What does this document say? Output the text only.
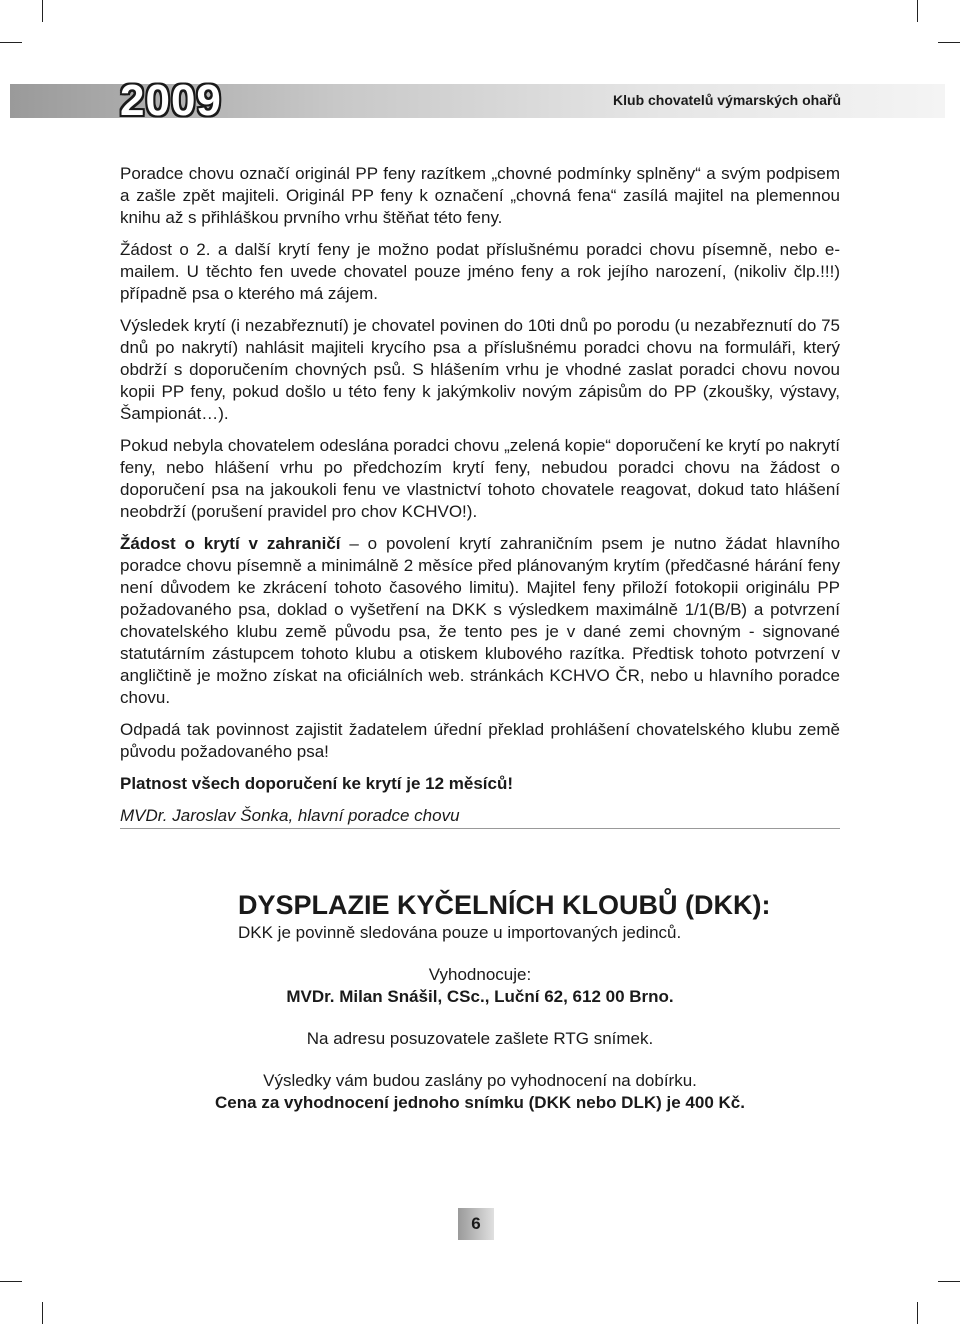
2009	Klub chovatelů výmarských ohařů

Poradce chovu označí originál PP feny razítkem „chovné podmínky splněny“ a svým podpisem a zašle zpět majiteli. Originál PP feny k označení „chovná fena“ zasílá majitel na plemennou knihu až s přihláškou prvního vrhu štěňat této feny.

Žádost o 2. a další krytí feny je možno podat příslušnému poradci chovu písemně, nebo e-mailem. U těchto fen uvede chovatel pouze jméno feny a rok jejího narození, (nikoliv člp.!!!) případně psa o kterého má zájem.

Výsledek krytí (i nezabřeznutí) je chovatel povinen do 10ti dnů po porodu (u nezabřeznutí do 75 dnů po nakrytí) nahlásit majiteli krycího psa a příslušnému poradci chovu na formuláři, který obdrží s doporučením chovných psů. S hlášením vrhu je vhodné zaslat poradci chovu novou kopii PP feny, pokud došlo u této feny k jakýmkoliv novým zápisům do PP (zkoušky, výstavy, Šampionát…).

Pokud nebyla chovatelem odeslána poradci chovu „zelená kopie“ doporučení ke krytí po nakrytí feny, nebo hlášení vrhu po předchozím krytí feny, nebudou poradci chovu na žádost o doporučení psa na jakoukoli fenu ve vlastnictví tohoto chovatele reagovat, dokud tato hlášení neobdrží (porušení pravidel pro chov KCHVO!).

Žádost o krytí v zahraničí – o povolení krytí zahraničním psem je nutno žádat hlavního poradce chovu písemně a minimálně 2 měsíce před plánovaným krytím (předčasné hárání feny není důvodem ke zkrácení tohoto časového limitu). Majitel feny přiloží fotokopii originálu PP požadovaného psa, doklad o vyšetření na DKK s výsledkem maximálně 1/1(B/B) a potvrzení chovatelského klubu země původu psa, že tento pes je v dané zemi chovným - signované statutárním zástupcem tohoto klubu a otiskem klubového razítka. Předtisk tohoto potvrzení v angličtině je možno získat na oficiálních web. stránkách KCHVO ČR, nebo u hlavního poradce chovu.

Odpadá tak povinnost zajistit žadatelem úřední překlad prohlášení chovatelského klubu země původu požadovaného psa!

Platnost všech doporučení ke krytí je 12 měsíců!

MVDr. Jaroslav Šonka, hlavní poradce chovu

DYSPLAZIE KYČELNÍCH KLOUBŮ (DKK):

DKK je povinně sledována pouze u importovaných jedinců.

Vyhodnocuje:

MVDr. Milan Snášil, CSc., Luční 62, 612 00 Brno.

Na adresu posuzovatele zašlete RTG snímek.

Výsledky vám budou zaslány po vyhodnocení na dobírku.

Cena za vyhodnocení jednoho snímku (DKK nebo DLK) je 400 Kč.

6
